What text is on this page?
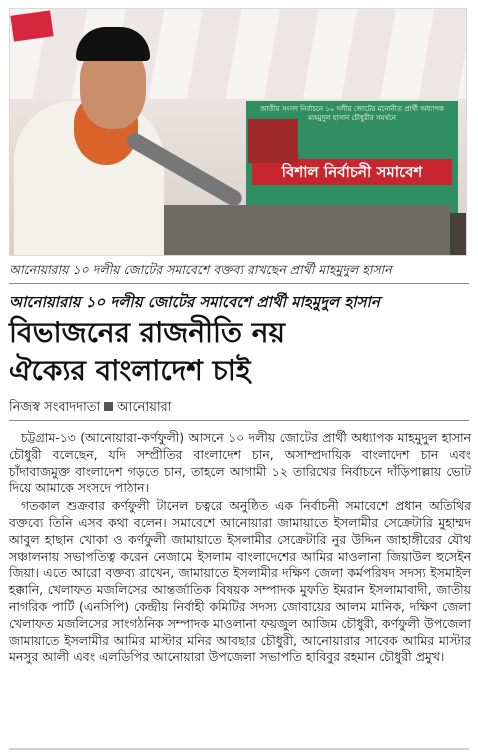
জাতীয় সংসদ নির্বাচনে ১০ দলীয় জোটের মনোনীত প্রার্থী অধ্যাপক মাহমুদুল হাসান চৌধুরীর সমর্থনে
বিশাল নির্বাচনী সমাবেশ
আনোয়ারায় ১০ দলীয় জোটের সমাবেশে বক্তব্য রাখছেন প্রার্থী মাহমুদুল হাসান
আনোয়ারায় ১০ দলীয় জোটের সমাবেশে প্রার্থী মাহমুদুল হাসান
বিভাজনের রাজনীতি নয়
ঐক্যের বাংলাদেশ চাই
নিজস্ব সংবাদদাতা আনোয়ারা

চট্টগ্রাম-১৩ (আনোয়ারা-কর্ণফুলী) আসনে ১০ দলীয় জোটের প্রার্থী অধ্যাপক মাহমুদুল হাসান চৌধুরী বলেছেন, যদি সম্প্রীতির বাংলাদেশ চান, অসাম্প্রদায়িক বাংলাদেশ চান এবং চাঁদাবাজমুক্ত বাংলাদেশ গড়তে চান, তাহলে আগামী ১২ তারিখের নির্বাচনে দাঁড়িপাল্লায় ভোট দিয়ে আমাকে সংসদে পাঠান।

গতকাল শুক্রবার কর্ণফুলী টানেল চত্বরে অনুষ্ঠিত এক নির্বাচনী সমাবেশে প্রধান অতিথির বক্তব্যে তিনি এসব কথা বলেন। সমাবেশে আনোয়ারা জামায়াতে ইসলামীর সেক্রেটারি মুহাম্মদ আবুল হাছান খোকা ও কর্ণফুলী জামায়াতে ইসলামীর সেক্রেটারি নুর উদ্দিন জাহাঙ্গীরের যৌথ সঞ্চালনায় সভাপতিত্ব করেন নেজামে ইসলাম বাংলাদেশের আমির মাওলানা জিয়াউল হুসেইন জিয়া। এতে আরো বক্তব্য রাখেন, জামায়াতে ইসলামীর দক্ষিণ জেলা কর্মপরিষদ সদস্য ইসমাইল হক্কানি, খেলাফত মজলিসের আন্তর্জাতিক বিষয়ক সম্পাদক মুফতি ইমরান ইসলামাবাদী, জাতীয় নাগরিক পার্টি (এনসিপি) কেন্দ্রীয় নির্বাহী কমিটির সদস্য জোবায়ের আলম মানিক, দক্ষিণ জেলা খেলাফত মজলিসের সাংগঠনিক সম্পাদক মাওলানা ফয়জুল আজিম চৌধুরী, কর্ণফুলী উপজেলা জামায়াতে ইসলামীর আমির মাস্টার মনির আবছার চৌধুরী, আনোয়ারার সাবেক আমির মাস্টার মনসুর আলী এবং এলডিপির আনোয়ারা উপজেলা সভাপতি হাবিবুর রহমান চৌধুরী প্রমুখ।
